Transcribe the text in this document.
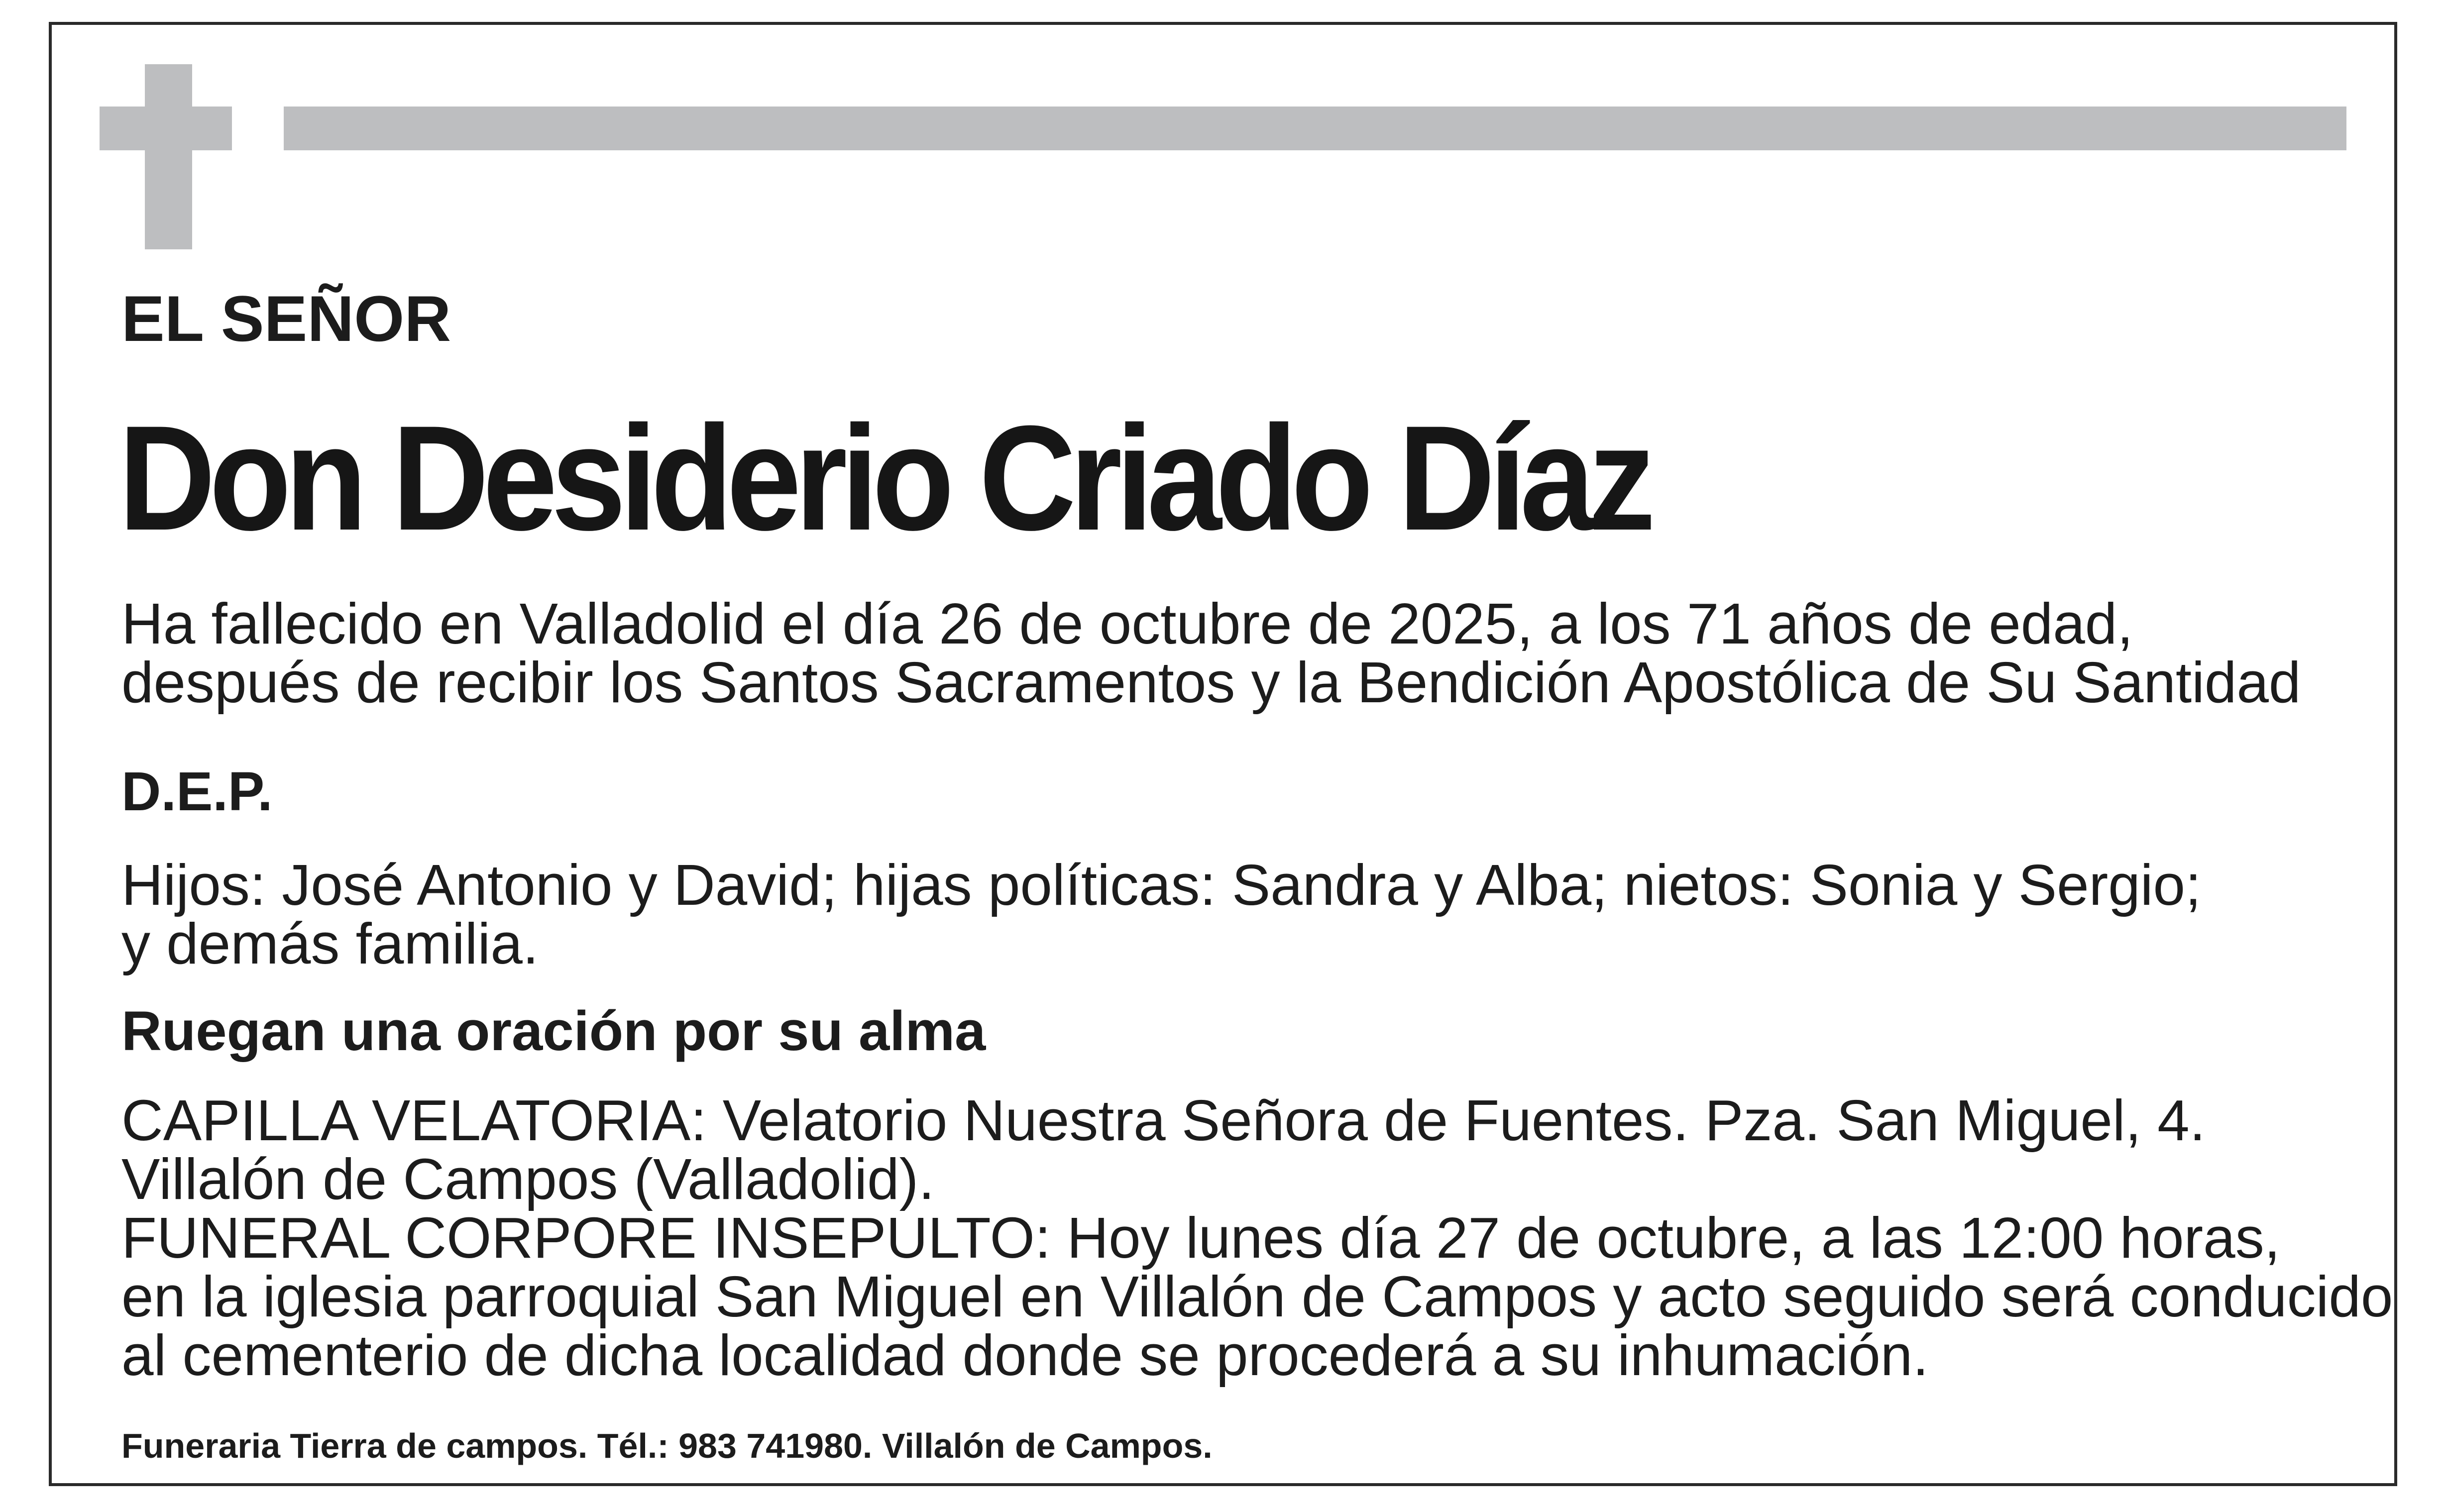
EL SEÑOR
Don Desiderio Criado Díaz
Ha fallecido en Valladolid el día 26 de octubre de 2025, a los 71 años de edad,
después de recibir los Santos Sacramentos y la Bendición Apostólica de Su Santidad
D.E.P.
Hijos: José Antonio y David; hijas políticas: Sandra y Alba; nietos: Sonia y Sergio;
y demás familia.
Ruegan una oración por su alma
CAPILLA VELATORIA: Velatorio Nuestra Señora de Fuentes. Pza. San Miguel, 4.
Villalón de Campos (Valladolid).
FUNERAL CORPORE INSEPULTO: Hoy lunes día 27 de octubre, a las 12:00 horas,
en la iglesia parroquial San Miguel en Villalón de Campos y acto seguido será conducido
al cementerio de dicha localidad donde se procederá a su inhumación.
Funeraria Tierra de campos. Tél.: 983 741980. Villalón de Campos.
